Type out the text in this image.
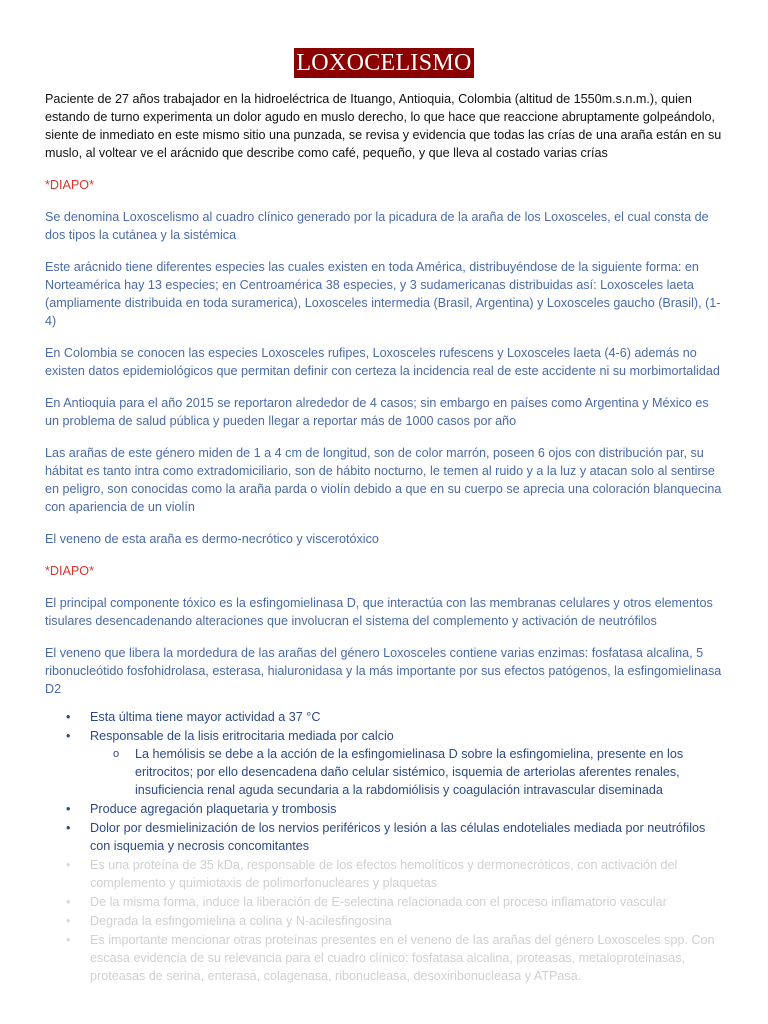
LOXOCELISMO

Paciente de 27 años trabajador en la hidroeléctrica de Ituango, Antioquia, Colombia (altitud de 1550m.s.n.m.), quien estando de turno experimenta un dolor agudo en muslo derecho, lo que hace que reaccione abruptamente golpeándolo, siente de inmediato en este mismo sitio una punzada, se revisa y evidencia que todas las crías de una araña están en su muslo, al voltear ve el arácnido que describe como café, pequeño, y que lleva al costado varias crías

*DIAPO*

Se denomina Loxoscelismo al cuadro clínico generado por la picadura de la araña de los Loxosceles, el cual consta de dos tipos la cutánea y la sistémica

Este arácnido tiene diferentes especies las cuales existen en toda América, distribuyéndose de la siguiente forma: en Norteamérica hay 13 especies; en Centroamérica 38 especies, y 3 sudamericanas distribuidas así: Loxosceles laeta (ampliamente distribuida en toda suramerica), Loxosceles intermedia (Brasil, Argentina) y Loxosceles gaucho (Brasil), (1-4)

En Colombia se conocen las especies Loxosceles rufipes, Loxosceles rufescens y Loxosceles laeta (4-6) además no existen datos epidemiológicos que permitan definir con certeza la incidencia real de este accidente ni su morbimortalidad

En Antioquia para el año 2015 se reportaron alrededor de 4 casos; sin embargo en países como Argentina y México es un problema de salud pública y pueden llegar a reportar más de 1000 casos por año

Las arañas de este género miden de 1 a 4 cm de longitud, son de color marrón, poseen 6 ojos con distribución par, su hábitat es tanto intra como extradomiciliario, son de hábito nocturno, le temen al ruido y a la luz y atacan solo al sentirse en peligro, son conocidas como la araña parda o violín debido a que en su cuerpo se aprecia una coloración blanquecina con apariencia de un violín

El veneno de esta araña es dermo-necrótico y viscerotóxico

*DIAPO*

El principal componente tóxico es la esfingomielinasa D, que interactúa con las membranas celulares y otros elementos tisulares desencadenando alteraciones que involucran el sistema del complemento y activación de neutrófilos

El veneno que libera la mordedura de las arañas del género Loxosceles contiene varias enzimas: fosfatasa alcalina, 5 ribonucleótido fosfohidrolasa, esterasa, hialuronidasa y la más importante por sus efectos patógenos, la esfingomielinasa D2

• Esta última tiene mayor actividad a 37 °C
• Responsable de la lisis eritrocitaria mediada por calcio
o La hemólisis se debe a la acción de la esfingomielinasa D sobre la esfingomielina, presente en los eritrocitos; por ello desencadena daño celular sistémico, isquemia de arteriolas aferentes renales, insuficiencia renal aguda secundaria a la rabdomiólisis y coagulación intravascular diseminada
• Produce agregación plaquetaria y trombosis
• Dolor por desmielinización de los nervios periféricos y lesión a las células endoteliales mediada por neutrófilos con isquemia y necrosis concomitantes
• Es una proteína de 35 kDa, responsable de los efectos hemolíticos y dermonecróticos, con activación del complemento y quimiotaxis de polimorfonucleares y plaquetas
• De la misma forma, induce la liberación de E-selectina relacionada con el proceso inflamatorio vascular
• Degrada la esfingomielina a colina y N-acilesfingosina
• Es importante mencionar otras proteínas presentes en el veneno de las arañas del género Loxosceles spp. Con escasa evidencia de su relevancia para el cuadro clínico: fosfatasa alcalina, proteasas, metaloproteinasas, proteasas de serina, enterasa, colagenasa, ribonucleasa, desoxiribonucleasa y ATPasa.
